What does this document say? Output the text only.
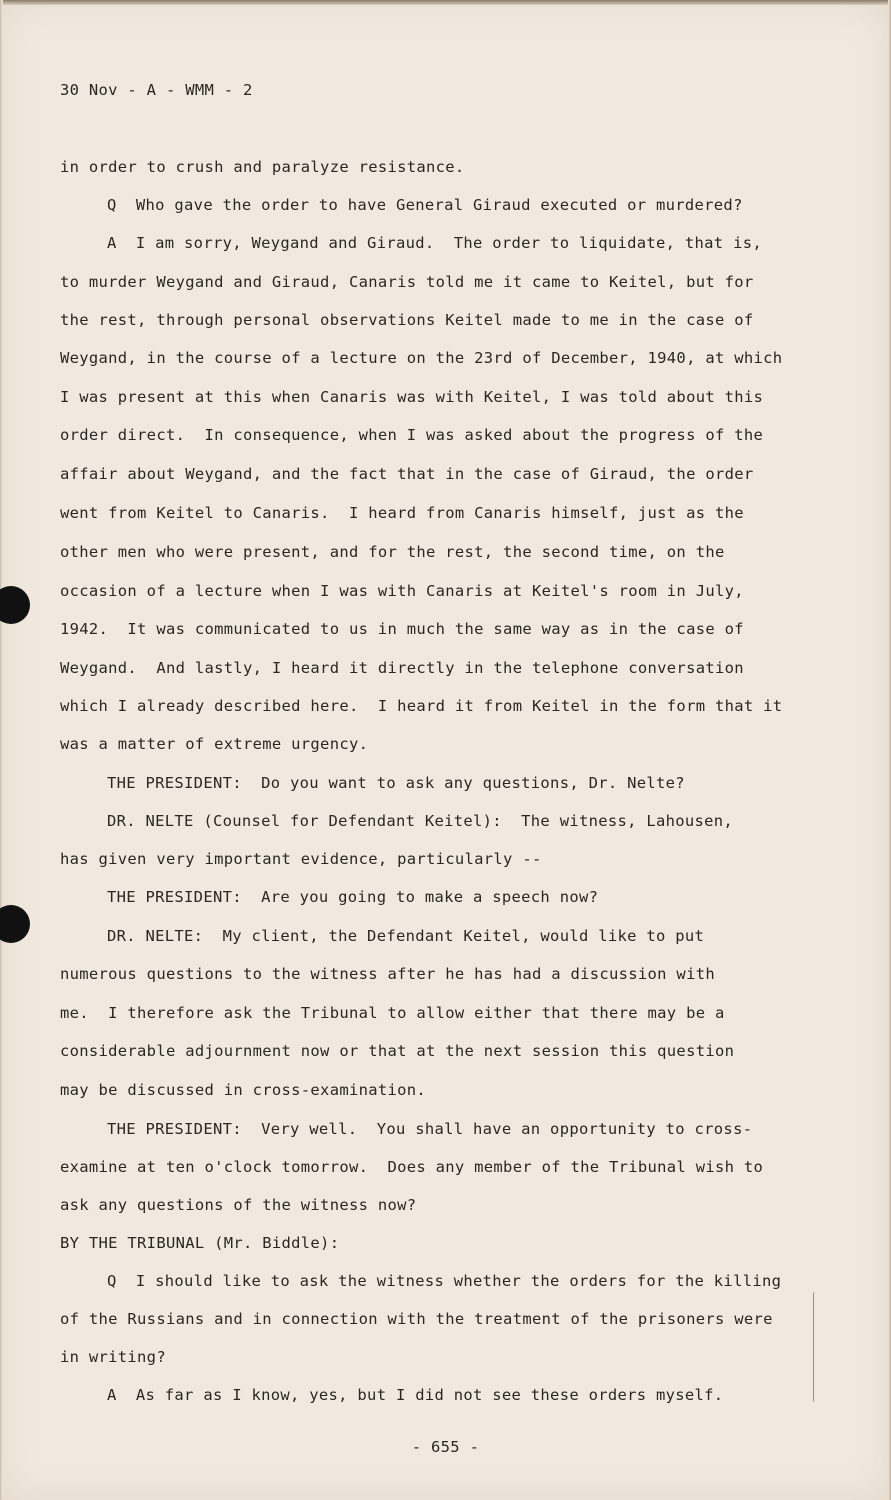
30 Nov - A - WMM - 2
in order to crush and paralyze resistance.
Q  Who gave the order to have General Giraud executed or murdered?
A  I am sorry, Weygand and Giraud.  The order to liquidate, that is,
to murder Weygand and Giraud, Canaris told me it came to Keitel, but for
the rest, through personal observations Keitel made to me in the case of
Weygand, in the course of a lecture on the 23rd of December, 1940, at which
I was present at this when Canaris was with Keitel, I was told about this
order direct.  In consequence, when I was asked about the progress of the
affair about Weygand, and the fact that in the case of Giraud, the order
went from Keitel to Canaris.  I heard from Canaris himself, just as the
other men who were present, and for the rest, the second time, on the
occasion of a lecture when I was with Canaris at Keitel's room in July,
1942.  It was communicated to us in much the same way as in the case of
Weygand.  And lastly, I heard it directly in the telephone conversation
which I already described here.  I heard it from Keitel in the form that it
was a matter of extreme urgency.
THE PRESIDENT:  Do you want to ask any questions, Dr. Nelte?
DR. NELTE (Counsel for Defendant Keitel):  The witness, Lahousen,
has given very important evidence, particularly --
THE PRESIDENT:  Are you going to make a speech now?
DR. NELTE:  My client, the Defendant Keitel, would like to put
numerous questions to the witness after he has had a discussion with
me.  I therefore ask the Tribunal to allow either that there may be a
considerable adjournment now or that at the next session this question
may be discussed in cross-examination.
THE PRESIDENT:  Very well.  You shall have an opportunity to cross-
examine at ten o'clock tomorrow.  Does any member of the Tribunal wish to
ask any questions of the witness now?
BY THE TRIBUNAL (Mr. Biddle):
Q  I should like to ask the witness whether the orders for the killing
of the Russians and in connection with the treatment of the prisoners were
in writing?
A  As far as I know, yes, but I did not see these orders myself.
- 655 -
